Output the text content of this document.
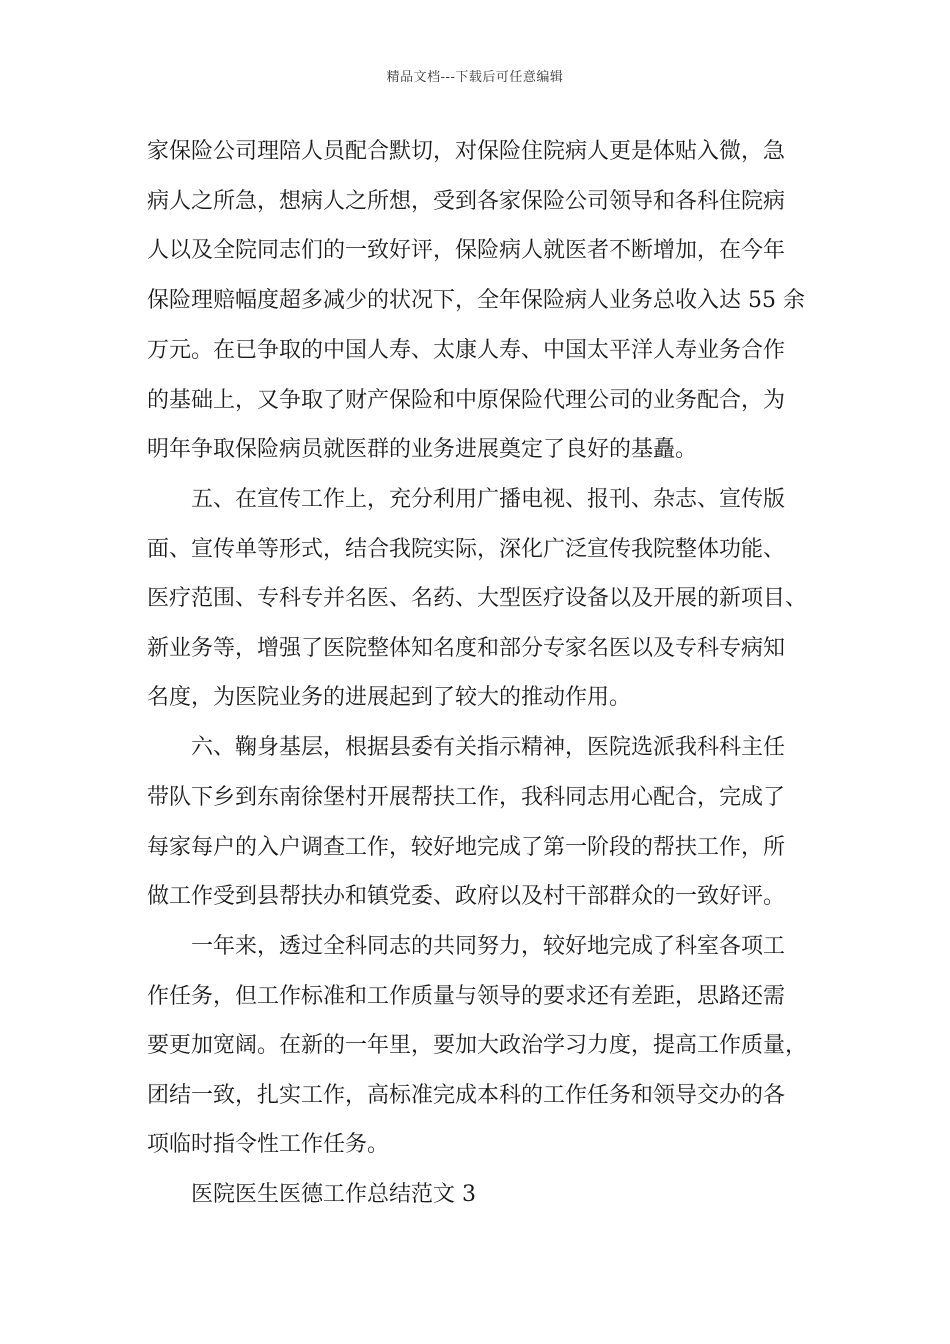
精品文档---下载后可任意编辑
家保险公司理陪人员配合默切，对保险住院病人更是体贴入微，急
病人之所急，想病人之所想，受到各家保险公司领导和各科住院病
人以及全院同志们的一致好评，保险病人就医者不断增加，在今年
保险理赔幅度超多减少的状况下，全年保险病人业务总收入达 55 余
万元。在已争取的中国人寿、太康人寿、中国太平洋人寿业务合作
的基础上，又争取了财产保险和中原保险代理公司的业务配合，为
明年争取保险病员就医群的业务进展奠定了良好的基矗。
五、在宣传工作上，充分利用广播电视、报刊、杂志、宣传版
面、宣传单等形式，结合我院实际，深化广泛宣传我院整体功能、
医疗范围、专科专并名医、名药、大型医疗设备以及开展的新项目、
新业务等，增强了医院整体知名度和部分专家名医以及专科专病知
名度，为医院业务的进展起到了较大的推动作用。
六、鞠身基层，根据县委有关指示精神，医院选派我科科主任
带队下乡到东南徐堡村开展帮扶工作，我科同志用心配合，完成了
每家每户的入户调查工作，较好地完成了第一阶段的帮扶工作，所
做工作受到县帮扶办和镇党委、政府以及村干部群众的一致好评。
一年来，透过全科同志的共同努力，较好地完成了科室各项工
作任务，但工作标准和工作质量与领导的要求还有差距，思路还需
要更加宽阔。在新的一年里，要加大政治学习力度，提高工作质量，
团结一致，扎实工作，高标准完成本科的工作任务和领导交办的各
项临时指令性工作任务。
医院医生医德工作总结范文 3
